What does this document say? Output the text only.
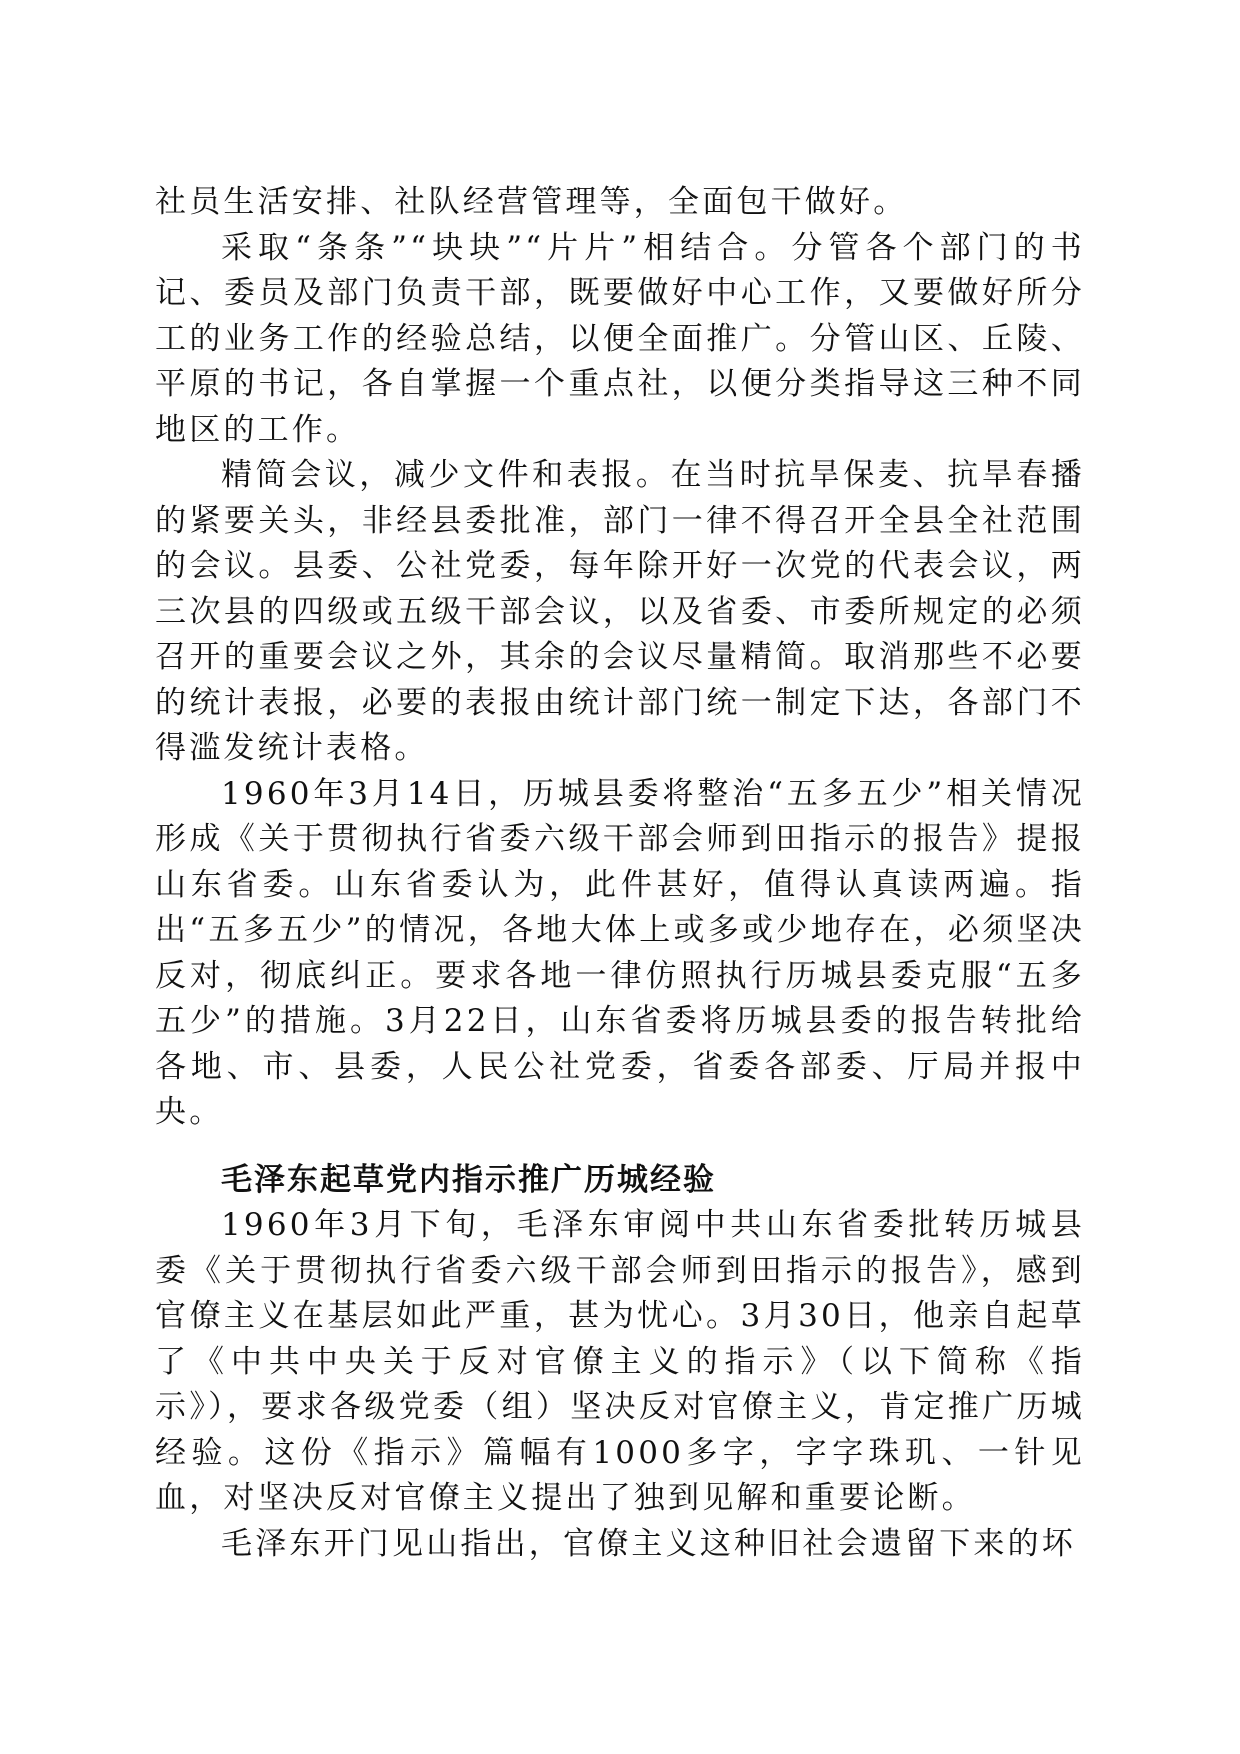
社员生活安排、社队经营管理等，全面包干做好。

采取“条条”“块块”“片片”相结合。分管各个部门的书记、委员及部门负责干部，既要做好中心工作，又要做好所分工的业务工作的经验总结，以便全面推广。分管山区、丘陵、平原的书记，各自掌握一个重点社，以便分类指导这三种不同地区的工作。

精简会议，减少文件和表报。在当时抗旱保麦、抗旱春播的紧要关头，非经县委批准，部门一律不得召开全县全社范围的会议。县委、公社党委，每年除开好一次党的代表会议，两三次县的四级或五级干部会议，以及省委、市委所规定的必须召开的重要会议之外，其余的会议尽量精简。取消那些不必要的统计表报，必要的表报由统计部门统一制定下达，各部门不得滥发统计表格。

1960年3月14日，历城县委将整治“五多五少”相关情况形成《关于贯彻执行省委六级干部会师到田指示的报告》提报山东省委。山东省委认为，此件甚好，值得认真读两遍。指出“五多五少”的情况，各地大体上或多或少地存在，必须坚决反对，彻底纠正。要求各地一律仿照执行历城县委克服“五多五少”的措施。3月22日，山东省委将历城县委的报告转批给各地、市、县委，人民公社党委，省委各部委、厅局并报中央。

毛泽东起草党内指示推广历城经验

1960年3月下旬，毛泽东审阅中共山东省委批转历城县委《关于贯彻执行省委六级干部会师到田指示的报告》，感到官僚主义在基层如此严重，甚为忧心。3月30日，他亲自起草了《中共中央关于反对官僚主义的指示》（以下简称《指示》），要求各级党委（组）坚决反对官僚主义，肯定推广历城经验。这份《指示》篇幅有1000多字，字字珠玑、一针见血，对坚决反对官僚主义提出了独到见解和重要论断。

毛泽东开门见山指出，官僚主义这种旧社会遗留下来的坏
